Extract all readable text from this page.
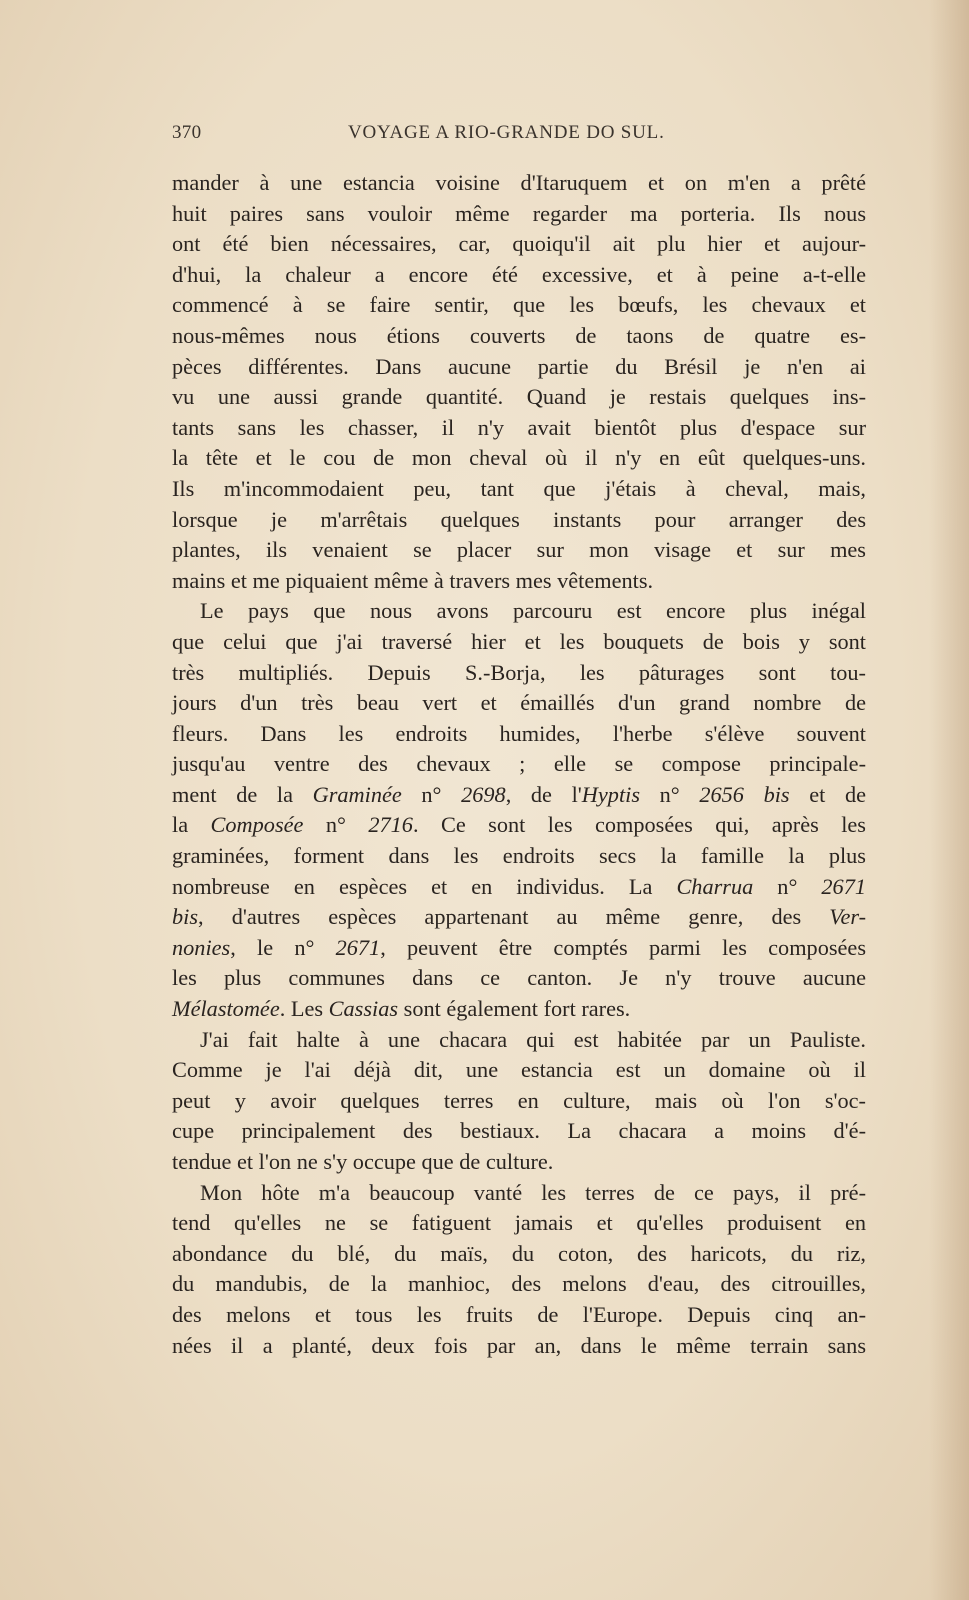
370	VOYAGE A RIO-GRANDE DO SUL.
mander à une estancia voisine d'Itaruquem et on m'en a prêté
huit paires sans vouloir même regarder ma porteria. Ils nous
ont été bien nécessaires, car, quoiqu'il ait plu hier et aujour-
d'hui, la chaleur a encore été excessive, et à peine a-t-elle
commencé à se faire sentir, que les bœufs, les chevaux et
nous-mêmes nous étions couverts de taons de quatre es-
pèces différentes. Dans aucune partie du Brésil je n'en ai
vu une aussi grande quantité. Quand je restais quelques ins-
tants sans les chasser, il n'y avait bientôt plus d'espace sur
la tête et le cou de mon cheval où il n'y en eût quelques-uns.
Ils m'incommodaient peu, tant que j'étais à cheval, mais,
lorsque je m'arrêtais quelques instants pour arranger des
plantes, ils venaient se placer sur mon visage et sur mes
mains et me piquaient même à travers mes vêtements.
Le pays que nous avons parcouru est encore plus inégal
que celui que j'ai traversé hier et les bouquets de bois y sont
très multipliés. Depuis S.-Borja, les pâturages sont tou-
jours d'un très beau vert et émaillés d'un grand nombre de
fleurs. Dans les endroits humides, l'herbe s'élève souvent
jusqu'au ventre des chevaux ; elle se compose principale-
ment de la Graminée n° 2698, de l'Hyptis n° 2656 bis et de
la Composée n° 2716. Ce sont les composées qui, après les
graminées, forment dans les endroits secs la famille la plus
nombreuse en espèces et en individus. La Charrua n° 2671
bis, d'autres espèces appartenant au même genre, des Ver-
nonies, le n° 2671, peuvent être comptés parmi les composées
les plus communes dans ce canton. Je n'y trouve aucune
Mélastomée. Les Cassias sont également fort rares.
J'ai fait halte à une chacara qui est habitée par un Pauliste.
Comme je l'ai déjà dit, une estancia est un domaine où il
peut y avoir quelques terres en culture, mais où l'on s'oc-
cupe principalement des bestiaux. La chacara a moins d'é-
tendue et l'on ne s'y occupe que de culture.
Mon hôte m'a beaucoup vanté les terres de ce pays, il pré-
tend qu'elles ne se fatiguent jamais et qu'elles produisent en
abondance du blé, du maïs, du coton, des haricots, du riz,
du mandubis, de la manhioc, des melons d'eau, des citrouilles,
des melons et tous les fruits de l'Europe. Depuis cinq an-
nées il a planté, deux fois par an, dans le même terrain sans
